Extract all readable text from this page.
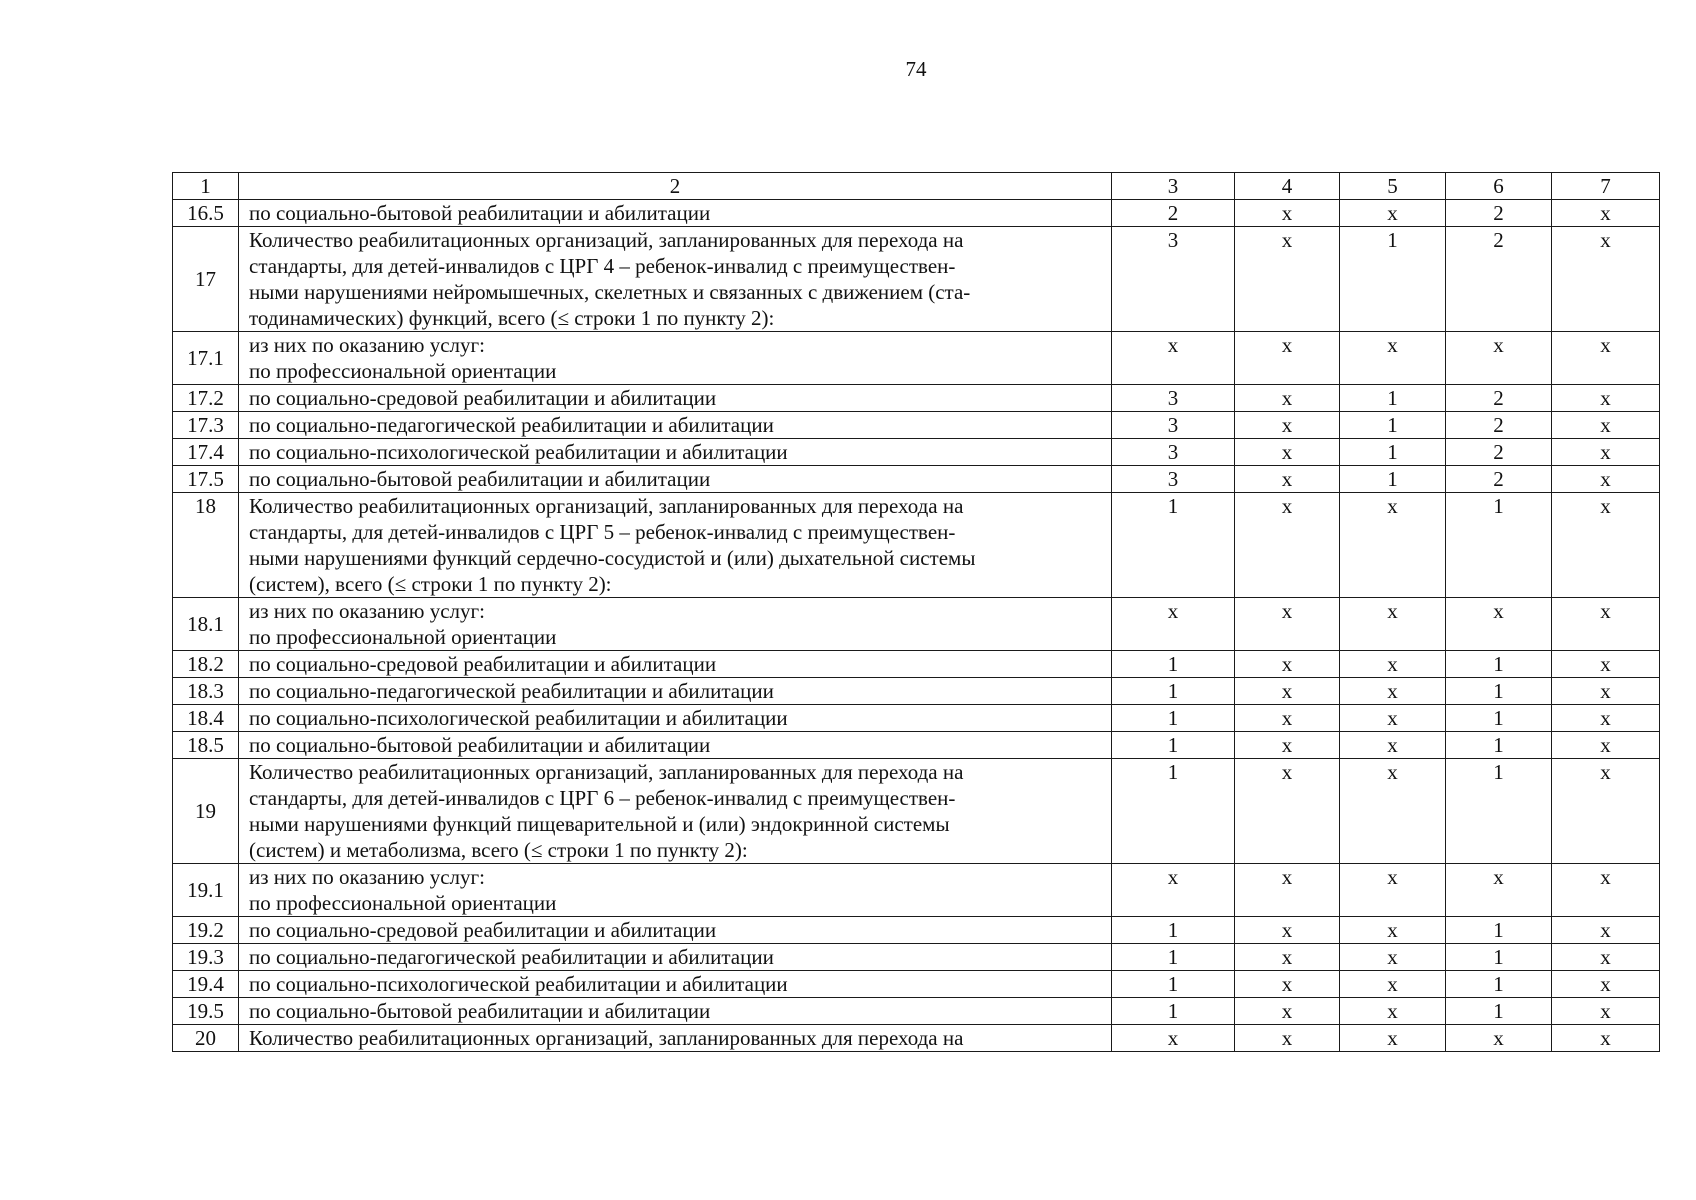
74
1	2	3	4	5	6	7
16.5	по социально-бытовой реабилитации и абилитации	2	х	х	2	х
17	Количество реабилитационных организаций, запланированных для перехода на
стандарты, для детей-инвалидов с ЦРГ 4 – ребенок-инвалид с преимуществен-
ными нарушениями нейромышечных, скелетных и связанных с движением (ста-
тодинамических) функций, всего (≤ строки 1 по пункту 2):	3	х	1	2	х
17.1	из них по оказанию услуг:
по профессиональной ориентации	х	х	х	х	х
17.2	по социально-средовой реабилитации и абилитации	3	х	1	2	х
17.3	по социально-педагогической реабилитации и абилитации	3	х	1	2	х
17.4	по социально-психологической реабилитации и абилитации	3	х	1	2	х
17.5	по социально-бытовой реабилитации и абилитации	3	х	1	2	х
18	Количество реабилитационных организаций, запланированных для перехода на
стандарты, для детей-инвалидов с ЦРГ 5 – ребенок-инвалид с преимуществен-
ными нарушениями функций сердечно-сосудистой и (или) дыхательной системы
(систем), всего (≤ строки 1 по пункту 2):	1	х	х	1	х
18.1	из них по оказанию услуг:
по профессиональной ориентации	х	х	х	х	х
18.2	по социально-средовой реабилитации и абилитации	1	х	х	1	х
18.3	по социально-педагогической реабилитации и абилитации	1	х	х	1	х
18.4	по социально-психологической реабилитации и абилитации	1	х	х	1	х
18.5	по социально-бытовой реабилитации и абилитации	1	х	х	1	х
19	Количество реабилитационных организаций, запланированных для перехода на
стандарты, для детей-инвалидов с ЦРГ 6 – ребенок-инвалид с преимуществен-
ными нарушениями функций пищеварительной и (или) эндокринной системы
(систем) и метаболизма, всего (≤ строки 1 по пункту 2):	1	х	х	1	х
19.1	из них по оказанию услуг:
по профессиональной ориентации	х	х	х	х	х
19.2	по социально-средовой реабилитации и абилитации	1	х	х	1	х
19.3	по социально-педагогической реабилитации и абилитации	1	х	х	1	х
19.4	по социально-психологической реабилитации и абилитации	1	х	х	1	х
19.5	по социально-бытовой реабилитации и абилитации	1	х	х	1	х
20	Количество реабилитационных организаций, запланированных для перехода на	х	х	х	х	х
